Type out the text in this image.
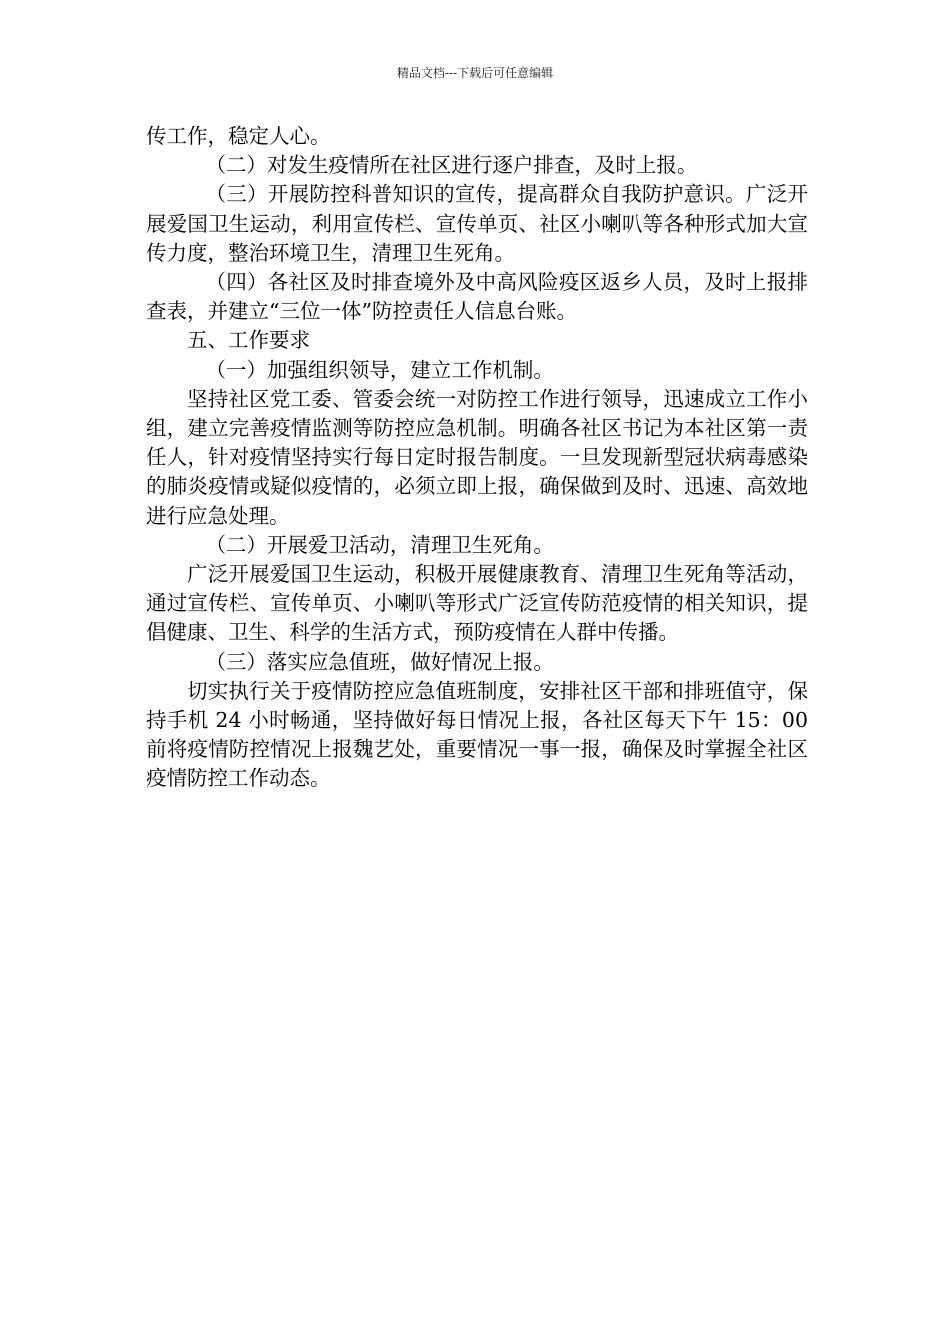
精品文档---下载后可任意编辑

传工作，稳定人心。

（二）对发生疫情所在社区进行逐户排查，及时上报。

（三）开展防控科普知识的宣传，提高群众自我防护意识。广泛开展爱国卫生运动，利用宣传栏、宣传单页、社区小喇叭等各种形式加大宣传力度，整治环境卫生，清理卫生死角。

（四）各社区及时排查境外及中高风险疫区返乡人员，及时上报排查表，并建立“三位一体”防控责任人信息台账。

五、工作要求

（一）加强组织领导，建立工作机制。

坚持社区党工委、管委会统一对防控工作进行领导，迅速成立工作小组，建立完善疫情监测等防控应急机制。明确各社区书记为本社区第一责任人，针对疫情坚持实行每日定时报告制度。一旦发现新型冠状病毒感染的肺炎疫情或疑似疫情的，必须立即上报，确保做到及时、迅速、高效地进行应急处理。

（二）开展爱卫活动，清理卫生死角。

广泛开展爱国卫生运动，积极开展健康教育、清理卫生死角等活动，通过宣传栏、宣传单页、小喇叭等形式广泛宣传防范疫情的相关知识，提倡健康、卫生、科学的生活方式，预防疫情在人群中传播。

（三）落实应急值班，做好情况上报。

切实执行关于疫情防控应急值班制度，安排社区干部和排班值守，保持手机 24 小时畅通，坚持做好每日情况上报，各社区每天下午 15：00 前将疫情防控情况上报魏艺处，重要情况一事一报，确保及时掌握全社区疫情防控工作动态。
